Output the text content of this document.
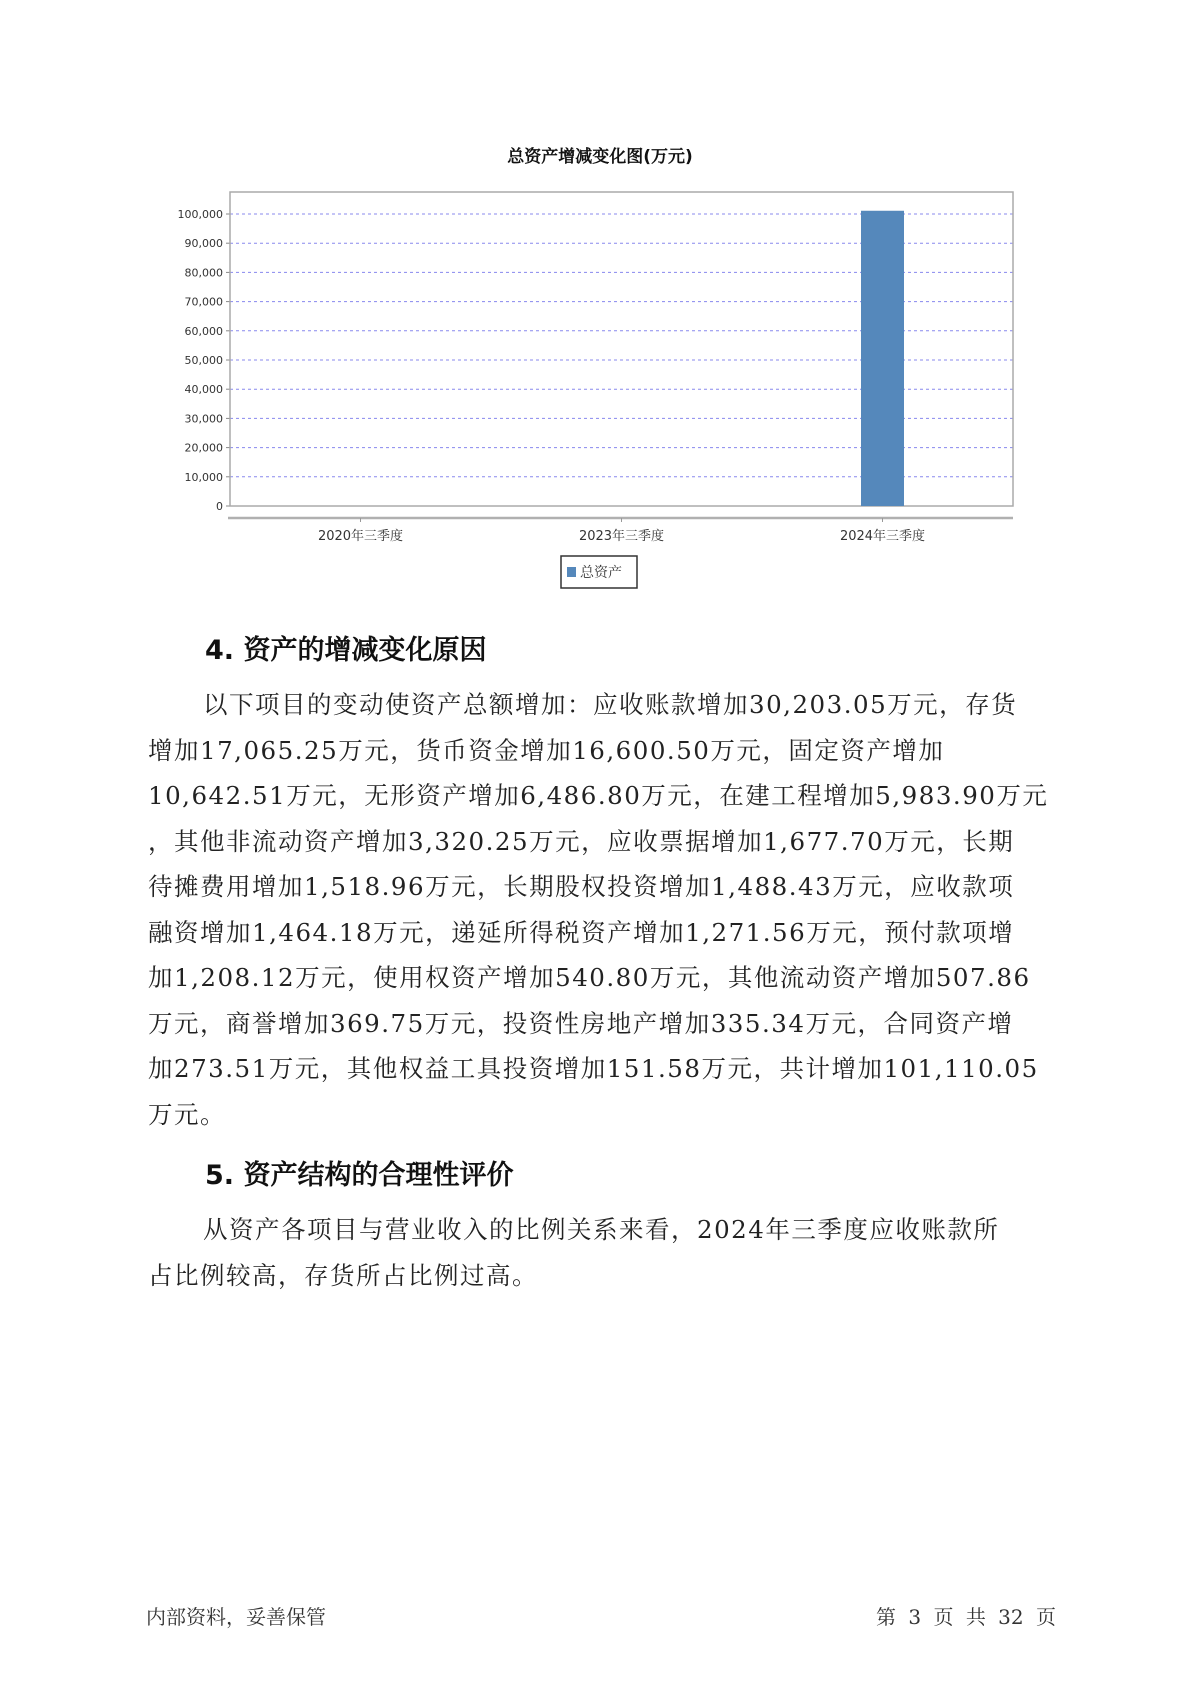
总资产增减变化图(万元)
0
10,000
20,000
30,000
40,000
50,000
60,000
70,000
80,000
90,000
100,000
2020年三季度	2023年三季度	2024年三季度
总资产
4. 资产的增减变化原因
以下项目的变动使资产总额增加：应收账款增加30,203.05万元，存货
增加17,065.25万元，货币资金增加16,600.50万元，固定资产增加
10,642.51万元，无形资产增加6,486.80万元，在建工程增加5,983.90万元
，其他非流动资产增加3,320.25万元，应收票据增加1,677.70万元，长期
待摊费用增加1,518.96万元，长期股权投资增加1,488.43万元，应收款项
融资增加1,464.18万元，递延所得税资产增加1,271.56万元，预付款项增
加1,208.12万元，使用权资产增加540.80万元，其他流动资产增加507.86
万元，商誉增加369.75万元，投资性房地产增加335.34万元，合同资产增
加273.51万元，其他权益工具投资增加151.58万元，共计增加101,110.05
万元。
5. 资产结构的合理性评价
从资产各项目与营业收入的比例关系来看，2024年三季度应收账款所
占比例较高，存货所占比例过高。
内部资料，妥善保管	第 3 页 共 32 页
